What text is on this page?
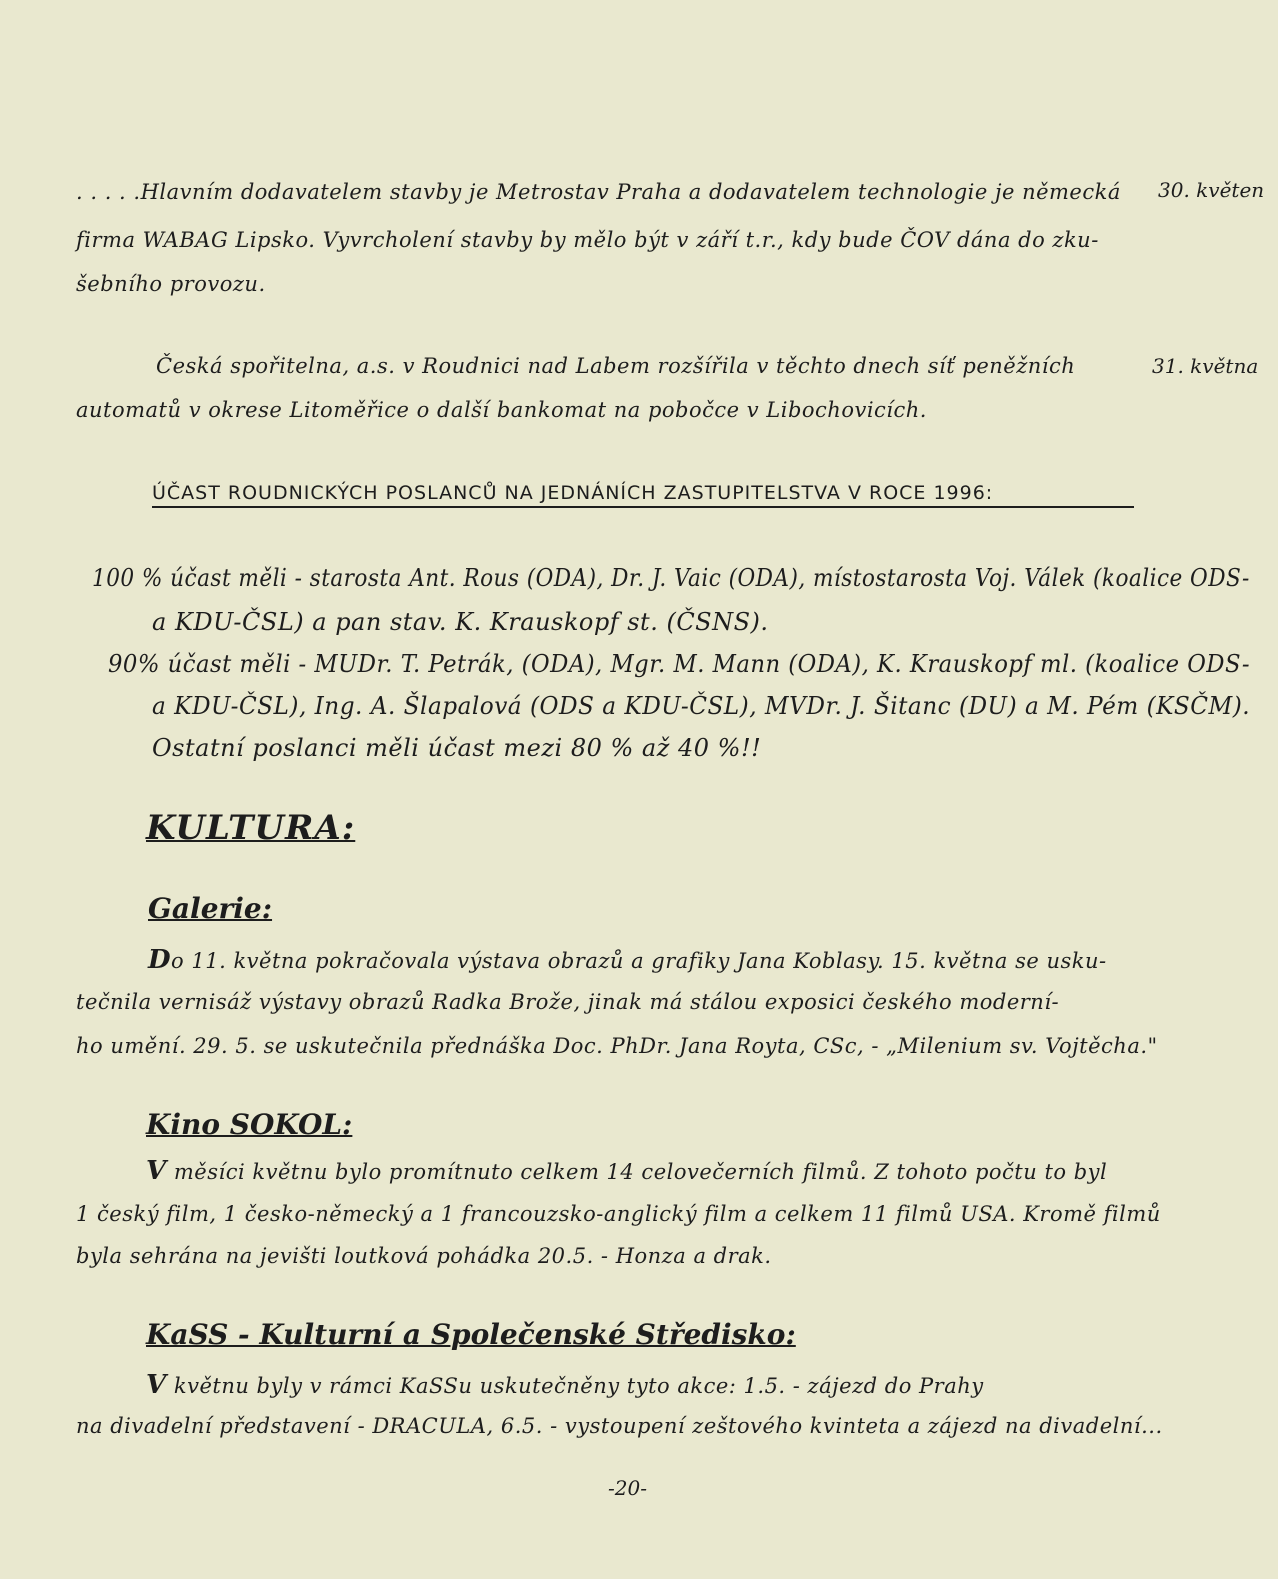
. . . . .Hlavním dodavatelem stavby je Metrostav Praha a dodavatelem technologie je německá 30. květen
firma WABAG Lipsko. Vyvrcholení stavby by mělo být v září t.r., kdy bude ČOV dána do zku-
šebního provozu.
Česká spořitelna, a.s. v Roudnici nad Labem rozšířila v těchto dnech síť peněžních	31. května
automatů v okrese Litoměřice o další bankomat na pobočce v Libochovicích.
ÚČAST ROUDNICKÝCH POSLANCŮ NA JEDNÁNÍCH ZASTUPITELSTVA V ROCE 1996:
100 % účast měli - starosta Ant. Rous (ODA), Dr. J. Vaic (ODA), místostarosta Voj. Válek (koalice ODS-
a KDU-ČSL) a pan stav. K. Krauskopf st. (ČSNS).
90% účast měli - MUDr. T. Petrák, (ODA), Mgr. M. Mann (ODA), K. Krauskopf ml. (koalice ODS-
a KDU-ČSL), Ing. A. Šlapalová (ODS a KDU-ČSL), MVDr. J. Šitanc (DU) a M. Pém (KSČM).
Ostatní poslanci měli účast mezi 80 % až 40 %!!
KULTURA:
Galerie:
Do 11. května pokračovala výstava obrazů a grafiky Jana Koblasy. 15. května se usku-
tečnila vernisáž výstavy obrazů Radka Brože, jinak má stálou exposici českého moderní-
ho umění. 29. 5. se uskutečnila přednáška Doc. PhDr. Jana Royta, CSc, - „Milenium sv. Vojtěcha."
Kino SOKOL:
V měsíci květnu bylo promítnuto celkem 14 celovečerních filmů. Z tohoto počtu to byl
1 český film, 1 česko-německý a 1 francouzsko-anglický film a celkem 11 filmů USA. Kromě filmů
byla sehrána na jevišti loutková pohádka 20.5. - Honza a drak.
KaSS - Kulturní a Společenské Středisko:
V květnu byly v rámci KaSSu uskutečněny tyto akce: 1.5. - zájezd do Prahy
na divadelní představení - DRACULA, 6.5. - vystoupení zeštového kvinteta a zájezd na divadelní...
-20-
